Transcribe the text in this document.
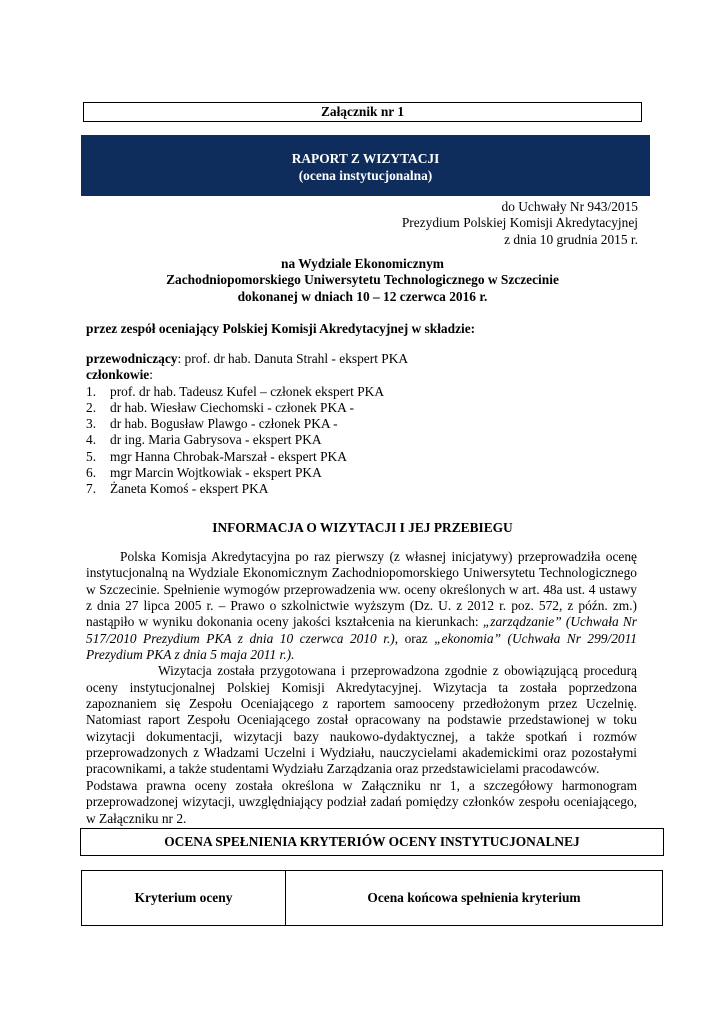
Załącznik nr 1
RAPORT Z WIZYTACJI
(ocena instytucjonalna)
do Uchwały Nr 943/2015
Prezydium Polskiej Komisji Akredytacyjnej
z dnia 10 grudnia 2015 r.
na Wydziale Ekonomicznym
Zachodniopomorskiego Uniwersytetu Technologicznego w Szczecinie
dokonanej w dniach 10 – 12 czerwca 2016 r.
przez zespół oceniający Polskiej Komisji Akredytacyjnej w składzie:
przewodniczący: prof. dr hab. Danuta Strahl - ekspert PKA
członkowie:
1.	prof. dr hab. Tadeusz Kufel – członek ekspert PKA
2.	dr hab. Wiesław Ciechomski - członek PKA -
3.	dr hab. Bogusław Plawgo - członek PKA -
4.	dr ing. Maria Gabrysova - ekspert PKA
5.	mgr Hanna Chrobak-Marszał - ekspert PKA
6.	mgr Marcin Wojtkowiak - ekspert PKA
7.	Żaneta Komoś - ekspert PKA
INFORMACJA O WIZYTACJI I JEJ PRZEBIEGU

Polska Komisja Akredytacyjna po raz pierwszy (z własnej inicjatywy) przeprowadziła ocenę instytucjonalną na Wydziale Ekonomicznym Zachodniopomorskiego Uniwersytetu Technologicznego w Szczecinie. Spełnienie wymogów przeprowadzenia ww. oceny określonych w art. 48a ust. 4 ustawy z dnia 27 lipca 2005 r. – Prawo o szkolnictwie wyższym (Dz. U. z 2012 r. poz. 572, z późn. zm.) nastąpiło w wyniku dokonania oceny jakości kształcenia na kierunkach: „zarządzanie” (Uchwała Nr 517/2010 Prezydium PKA z dnia 10 czerwca 2010 r.), oraz „ekonomia” (Uchwała Nr 299/2011 Prezydium PKA z dnia 5 maja 2011 r.).

Wizytacja została przygotowana i przeprowadzona zgodnie z obowiązującą procedurą oceny instytucjonalnej Polskiej Komisji Akredytacyjnej. Wizytacja ta została poprzedzona zapoznaniem się Zespołu Oceniającego z raportem samooceny przedłożonym przez Uczelnię. Natomiast raport Zespołu Oceniającego został opracowany na podstawie przedstawionej w toku wizytacji dokumentacji, wizytacji bazy naukowo-dydaktycznej, a także spotkań i rozmów przeprowadzonych z Władzami Uczelni i Wydziału, nauczycielami akademickimi oraz pozostałymi pracownikami, a także studentami Wydziału Zarządzania oraz przedstawicielami pracodawców.

Podstawa prawna oceny została określona w Załączniku nr 1, a szczegółowy harmonogram przeprowadzonej wizytacji, uwzględniający podział zadań pomiędzy członków zespołu oceniającego, w Załączniku nr 2.

OCENA SPEŁNIENIA KRYTERIÓW OCENY INSTYTUCJONALNEJ
Kryterium oceny	Ocena końcowa spełnienia kryterium
